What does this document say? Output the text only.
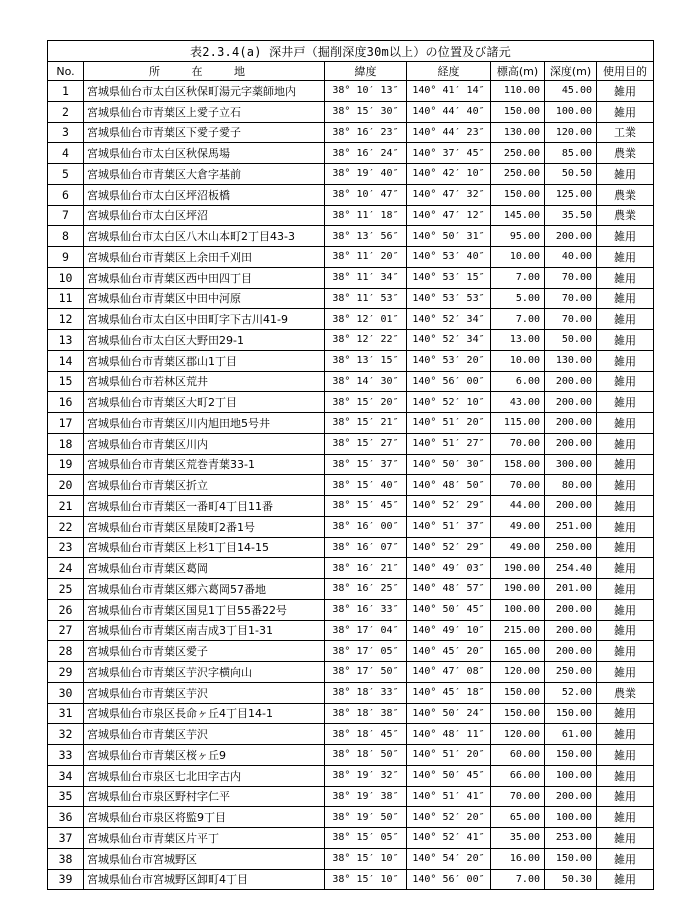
表2.3.4(a) 深井戸（掘削深度30m以上）の位置及び諸元						
No.	所 在 地	緯度	経度	標高(m)	深度(m)	使用目的
1	宮城県仙台市太白区秋保町湯元字薬師地内	38° 10′ 13″	140° 41′ 14″	110.00	45.00	雑用
2	宮城県仙台市青葉区上愛子立石	38° 15′ 30″	140° 44′ 40″	150.00	100.00	雑用
3	宮城県仙台市青葉区下愛子愛子	38° 16′ 23″	140° 44′ 23″	130.00	120.00	工業
4	宮城県仙台市太白区秋保馬場	38° 16′ 24″	140° 37′ 45″	250.00	85.00	農業
5	宮城県仙台市青葉区大倉字基前	38° 19′ 40″	140° 42′ 10″	250.00	50.50	雑用
6	宮城県仙台市太白区坪沼板橋	38° 10′ 47″	140° 47′ 32″	150.00	125.00	農業
7	宮城県仙台市太白区坪沼	38° 11′ 18″	140° 47′ 12″	145.00	35.50	農業
8	宮城県仙台市太白区八木山本町2丁目43-3	38° 13′ 56″	140° 50′ 31″	95.00	200.00	雑用
9	宮城県仙台市青葉区上余田千刈田	38° 11′ 20″	140° 53′ 40″	10.00	40.00	雑用
10	宮城県仙台市青葉区西中田四丁目	38° 11′ 34″	140° 53′ 15″	7.00	70.00	雑用
11	宮城県仙台市青葉区中田中河原	38° 11′ 53″	140° 53′ 53″	5.00	70.00	雑用
12	宮城県仙台市太白区中田町字下古川41-9	38° 12′ 01″	140° 52′ 34″	7.00	70.00	雑用
13	宮城県仙台市太白区大野田29-1	38° 12′ 22″	140° 52′ 34″	13.00	50.00	雑用
14	宮城県仙台市青葉区郡山1丁目	38° 13′ 15″	140° 53′ 20″	10.00	130.00	雑用
15	宮城県仙台市若林区荒井	38° 14′ 30″	140° 56′ 00″	6.00	200.00	雑用
16	宮城県仙台市青葉区大町2丁目	38° 15′ 20″	140° 52′ 10″	43.00	200.00	雑用
17	宮城県仙台市青葉区川内旭田地5号井	38° 15′ 21″	140° 51′ 20″	115.00	200.00	雑用
18	宮城県仙台市青葉区川内	38° 15′ 27″	140° 51′ 27″	70.00	200.00	雑用
19	宮城県仙台市青葉区荒巻青葉33-1	38° 15′ 37″	140° 50′ 30″	158.00	300.00	雑用
20	宮城県仙台市青葉区折立	38° 15′ 40″	140° 48′ 50″	70.00	80.00	雑用
21	宮城県仙台市青葉区一番町4丁目11番	38° 15′ 45″	140° 52′ 29″	44.00	200.00	雑用
22	宮城県仙台市青葉区星陵町2番1号	38° 16′ 00″	140° 51′ 37″	49.00	251.00	雑用
23	宮城県仙台市青葉区上杉1丁目14-15	38° 16′ 07″	140° 52′ 29″	49.00	250.00	雑用
24	宮城県仙台市青葉区葛岡	38° 16′ 21″	140° 49′ 03″	190.00	254.40	雑用
25	宮城県仙台市青葉区郷六葛岡57番地	38° 16′ 25″	140° 48′ 57″	190.00	201.00	雑用
26	宮城県仙台市青葉区国見1丁目55番22号	38° 16′ 33″	140° 50′ 45″	100.00	200.00	雑用
27	宮城県仙台市青葉区南吉成3丁目1-31	38° 17′ 04″	140° 49′ 10″	215.00	200.00	雑用
28	宮城県仙台市青葉区愛子	38° 17′ 05″	140° 45′ 20″	165.00	200.00	雑用
29	宮城県仙台市青葉区芋沢字横向山	38° 17′ 50″	140° 47′ 08″	120.00	250.00	雑用
30	宮城県仙台市青葉区芋沢	38° 18′ 33″	140° 45′ 18″	150.00	52.00	農業
31	宮城県仙台市泉区長命ヶ丘4丁目14-1	38° 18′ 38″	140° 50′ 24″	150.00	150.00	雑用
32	宮城県仙台市青葉区芋沢	38° 18′ 45″	140° 48′ 11″	120.00	61.00	雑用
33	宮城県仙台市青葉区桜ヶ丘9	38° 18′ 50″	140° 51′ 20″	60.00	150.00	雑用
34	宮城県仙台市泉区七北田字古内	38° 19′ 32″	140° 50′ 45″	66.00	100.00	雑用
35	宮城県仙台市泉区野村字仁平	38° 19′ 38″	140° 51′ 41″	70.00	200.00	雑用
36	宮城県仙台市泉区将監9丁目	38° 19′ 50″	140° 52′ 20″	65.00	100.00	雑用
37	宮城県仙台市青葉区片平丁	38° 15′ 05″	140° 52′ 41″	35.00	253.00	雑用
38	宮城県仙台市宮城野区	38° 15′ 10″	140° 54′ 20″	16.00	150.00	雑用
39	宮城県仙台市宮城野区卸町4丁目	38° 15′ 10″	140° 56′ 00″	7.00	50.30	雑用
